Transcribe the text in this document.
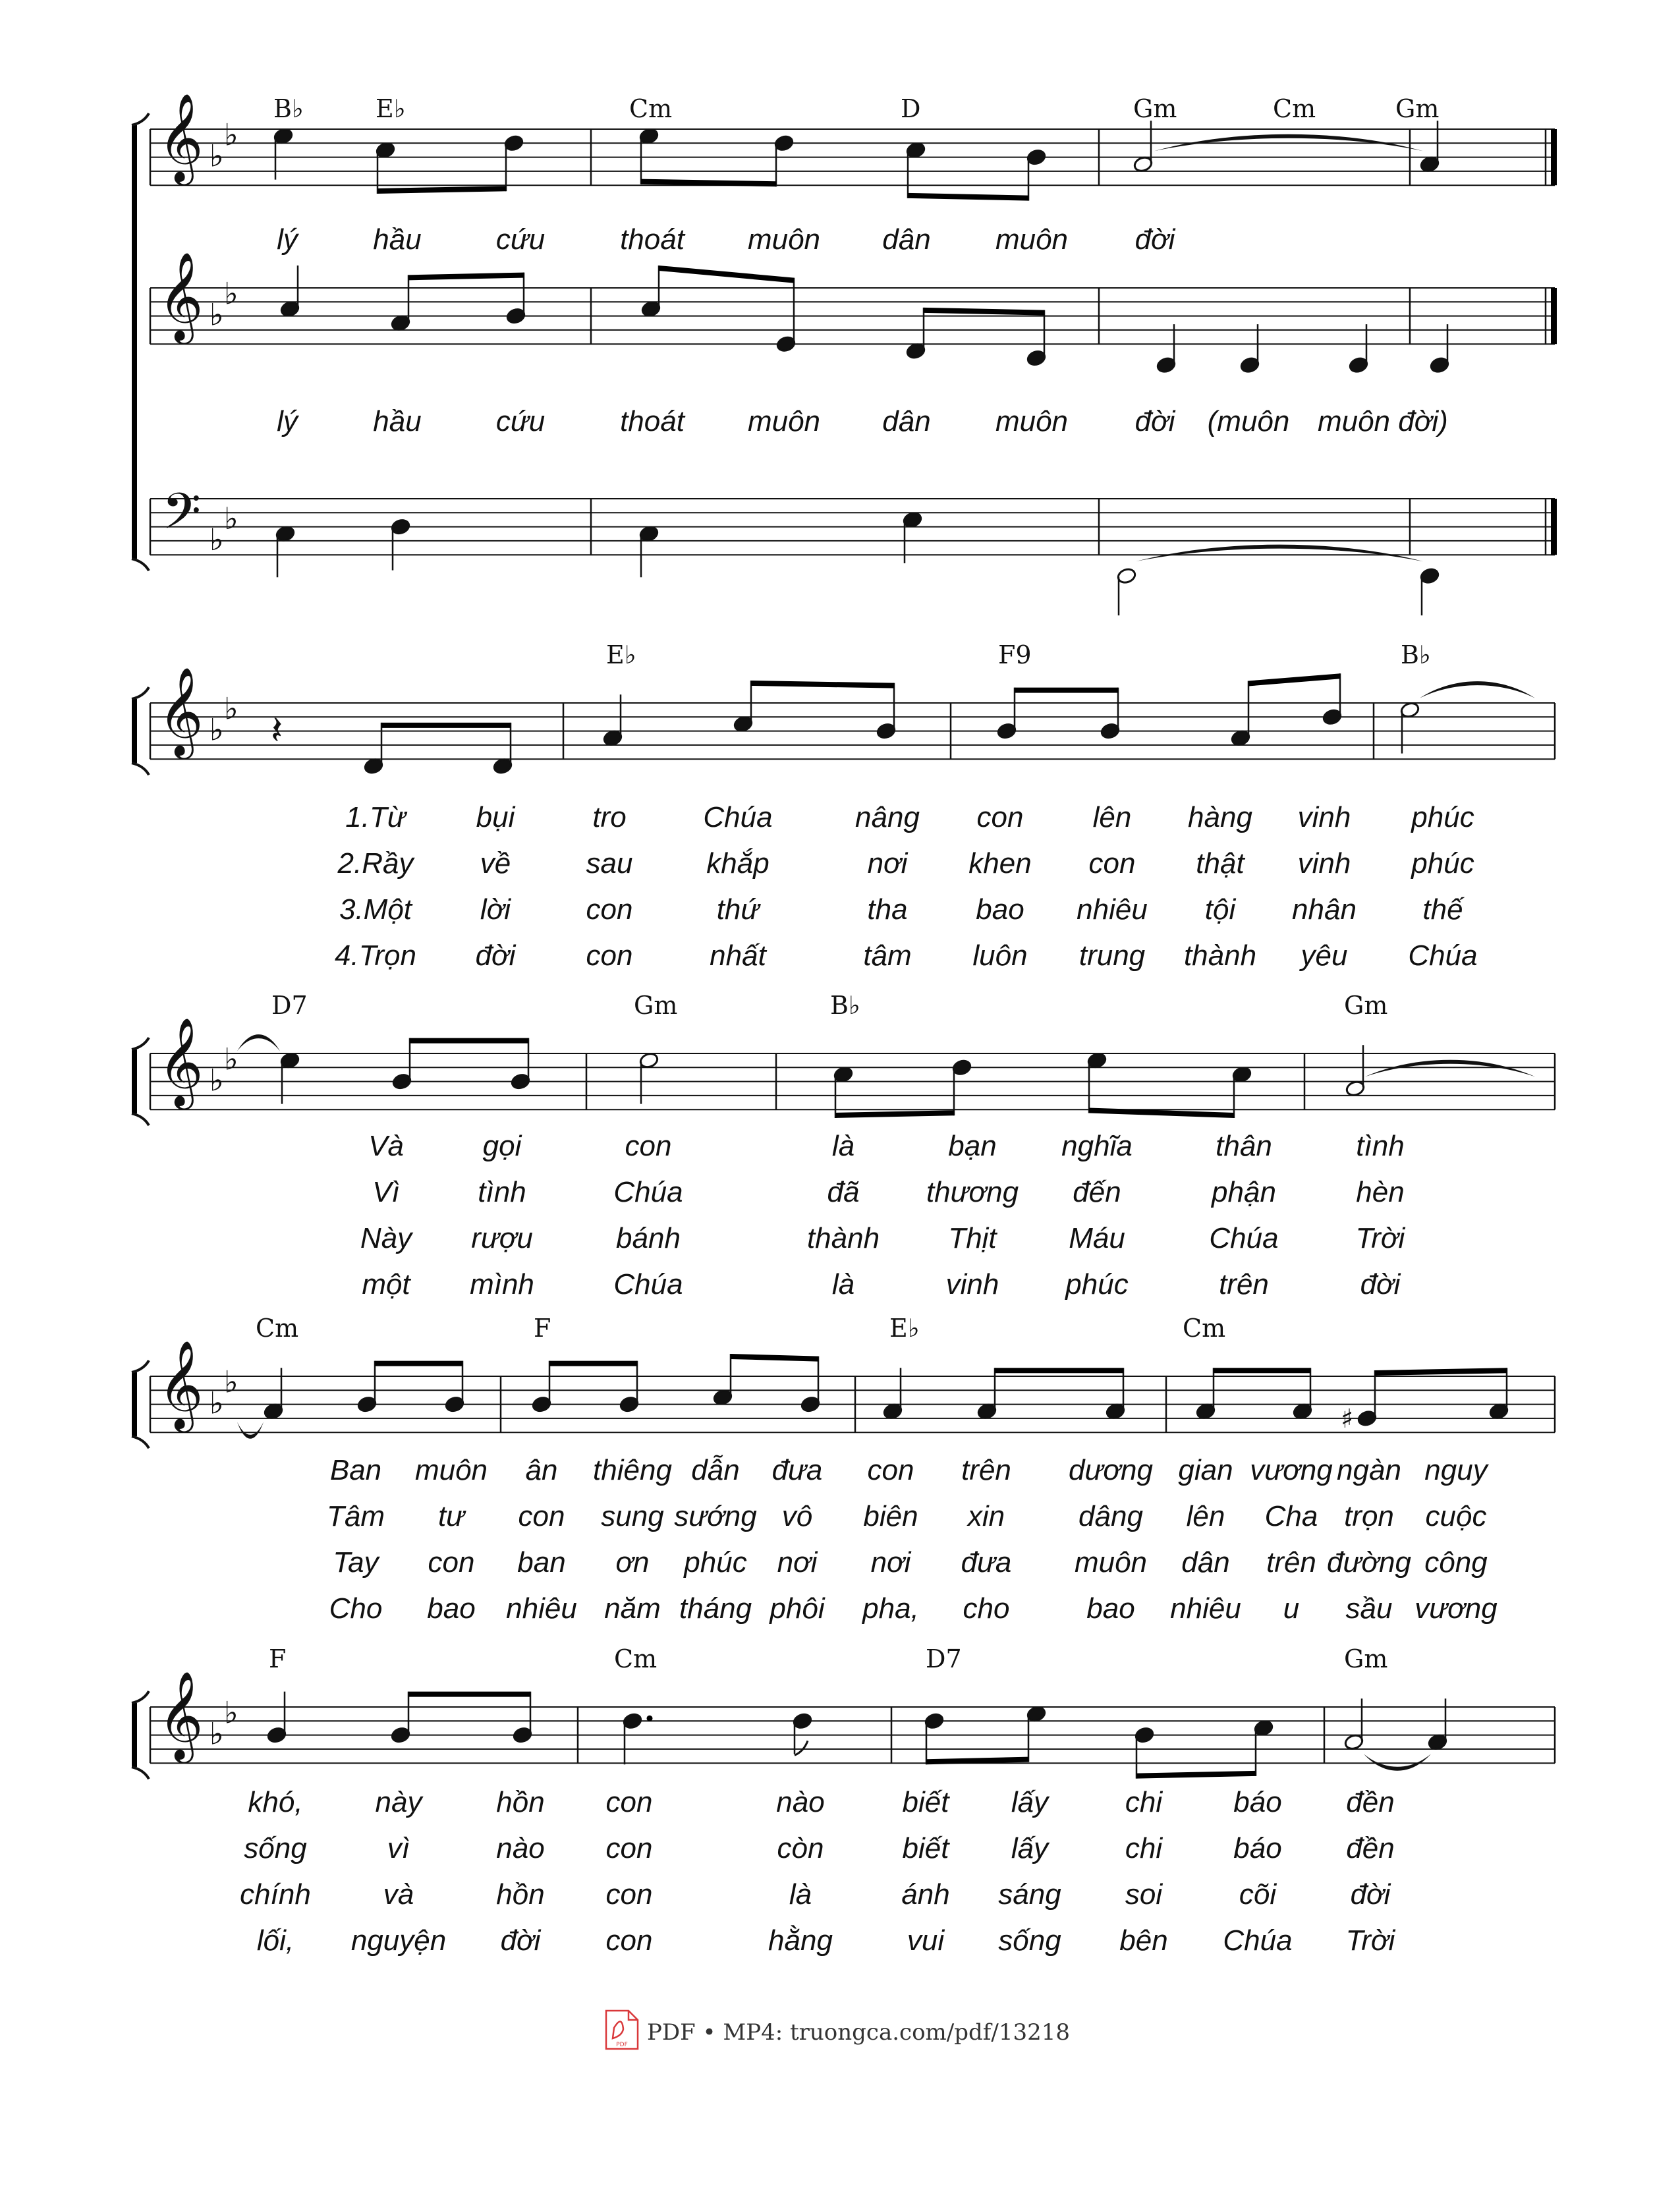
𝄞
𝄞
𝄢
♭
♭
♭
♭
♭
♭
B♭	E♭	Cm	D	Gm	Cm	Gm
lý	hầu	cứu	thoát muôn dân muôn đời
lý	hầu	cứu	thoát muôn dân muôn đời (muôn muôn đời)
𝄞 ♭
♭ 𝄽
E♭	F9	B♭
1.Từ bụi	tro	Chúa	nâng con lên hàng vinh phúc
2.Rầy về	sau	khắp	nơi khen con thật vinh phúc
3.Một lời	con	thứ	tha bao nhiêu tội nhân thế
4.Trọn đời con	nhất	tâm luôn trung thành yêu Chúa
𝄞 ♭
♭
D7	Gm	B♭	Gm
Và	gọi	con	là	bạn nghĩa	thân	tình
Vì	tình	Chúa	đã thương đến	phận	hèn
Này rượu	bánh	thành Thịt Máu	Chúa	Trời
một mình	Chúa	là	vinh phúc	trên	đời
𝄞 ♭
♭
♯
Cm	F	E♭	Cm
Ban muôn ân thiêng dẫn đưa con trên dương gian vương ngàn nguy
Tâm tư con sung sướng vô biên xin	dâng lên Cha trọn cuộc
Tay con ban ơn phúc nơi nơi đưa muôn dân trên đường công
Cho bao nhiêu năm tháng phôi pha, cho	bao nhiêu u sầu vương
𝄞 ♭
♭
F	Cm	D7	Gm
khó, này	hồn con	nào	biết lấy	chi báo đền
sống	vì	nào con	còn	biết lấy	chi báo đền
chính và	hồn con	là	ánh sáng soi	cõi	đời
lối, nguyện đời con	hằng	vui sống bên Chúa Trời
PDF PDF • MP4: truongca.com/pdf/13218
